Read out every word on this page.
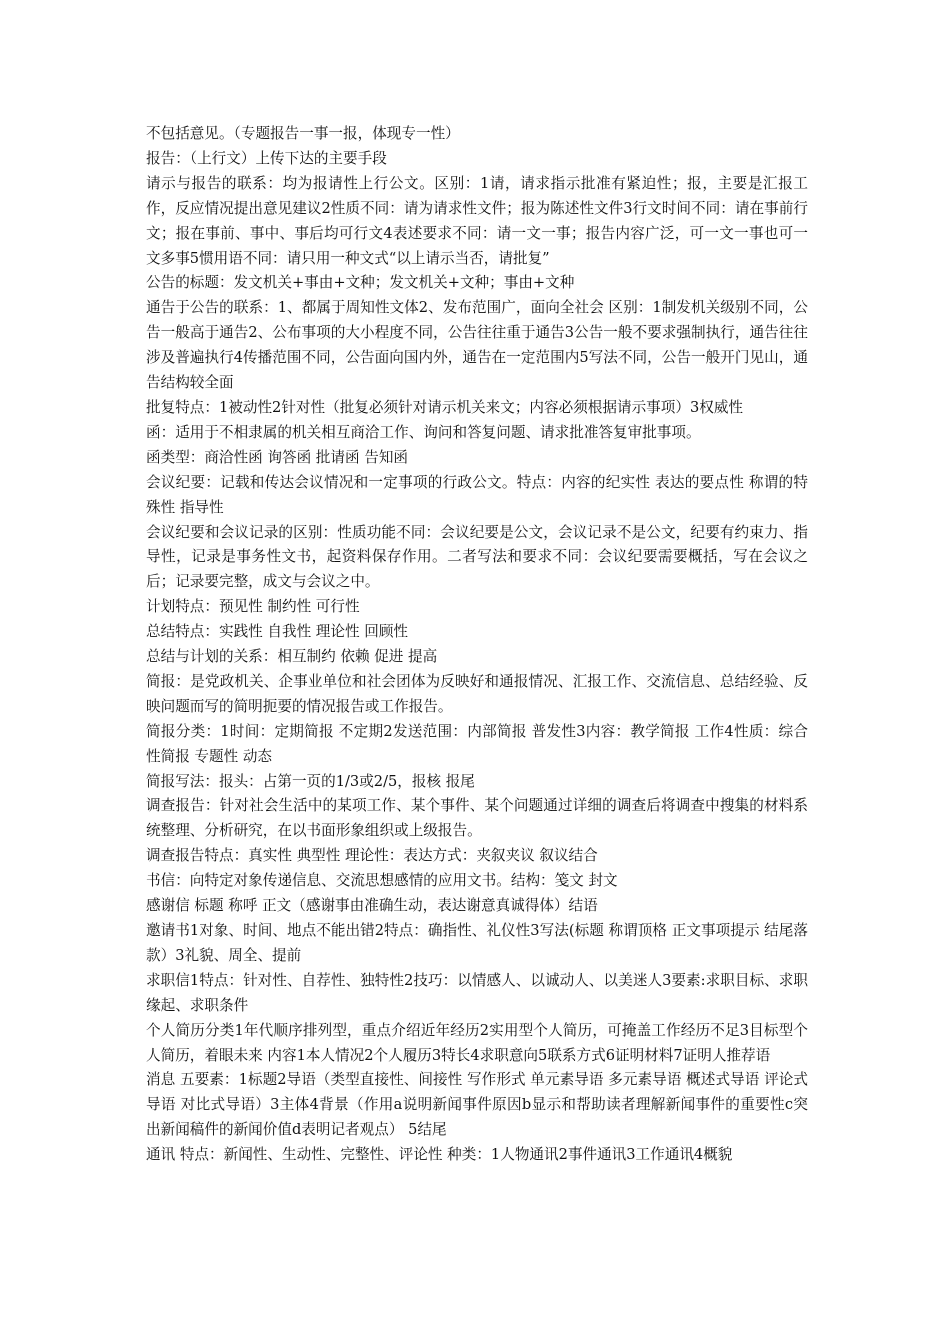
不包括意见。（专题报告一事一报，体现专一性）

报告：（上行文）上传下达的主要手段

请示与报告的联系：均为报请性上行公文。区别：1请，请求指示批准有紧迫性；报，主要是汇报工作，反应情况提出意见建议2性质不同：请为请求性文件；报为陈述性文件3行文时间不同：请在事前行文；报在事前、事中、事后均可行文4表述要求不同：请一文一事；报告内容广泛，可一文一事也可一文多事5惯用语不同：请只用一种文式“以上请示当否，请批复”

公告的标题：发文机关+事由+文种；发文机关+文种；事由+文种

通告于公告的联系：1、都属于周知性文体2、发布范围广，面向全社会 区别：1制发机关级别不同，公告一般高于通告2、公布事项的大小程度不同，公告往往重于通告3公告一般不要求强制执行，通告往往涉及普遍执行4传播范围不同，公告面向国内外，通告在一定范围内5写法不同，公告一般开门见山，通告结构较全面

批复特点：1被动性2针对性（批复必须针对请示机关来文；内容必须根据请示事项）3权威性

函：适用于不相隶属的机关相互商洽工作、询问和答复问题、请求批准答复审批事项。

函类型：商洽性函 询答函 批请函 告知函

会议纪要：记载和传达会议情况和一定事项的行政公文。特点：内容的纪实性 表达的要点性 称谓的特殊性 指导性

会议纪要和会议记录的区别：性质功能不同：会议纪要是公文，会议记录不是公文，纪要有约束力、指导性，记录是事务性文书，起资料保存作用。二者写法和要求不同：会议纪要需要概括，写在会议之后；记录要完整，成文与会议之中。

计划特点：预见性 制约性 可行性

总结特点：实践性 自我性 理论性 回顾性

总结与计划的关系：相互制约 依赖 促进 提高

简报：是党政机关、企事业单位和社会团体为反映好和通报情况、汇报工作、交流信息、总结经验、反映问题而写的简明扼要的情况报告或工作报告。

简报分类：1时间：定期简报 不定期2发送范围：内部简报 普发性3内容：教学简报 工作4性质：综合性简报 专题性 动态

简报写法：报头：占第一页的1/3或2/5，报核 报尾

调查报告：针对社会生活中的某项工作、某个事件、某个问题通过详细的调查后将调查中搜集的材料系统整理、分析研究，在以书面形象组织或上级报告。

调查报告特点：真实性 典型性 理论性：表达方式：夹叙夹议 叙议结合

书信：向特定对象传递信息、交流思想感情的应用文书。结构：笺文 封文

感谢信 标题 称呼 正文（感谢事由准确生动，表达谢意真诚得体）结语

邀请书1对象、时间、地点不能出错2特点：确指性、礼仪性3写法(标题 称谓顶格 正文事项提示 结尾落款）3礼貌、周全、提前

求职信1特点：针对性、自荐性、独特性2技巧：以情感人、以诚动人、以美迷人3要素:求职目标、求职缘起、求职条件

个人简历分类1年代顺序排列型，重点介绍近年经历2实用型个人简历，可掩盖工作经历不足3目标型个人简历，着眼未来 内容1本人情况2个人履历3特长4求职意向5联系方式6证明材料7证明人推荐语

消息 五要素：1标题2导语（类型直接性、间接性 写作形式 单元素导语 多元素导语 概述式导语 评论式导语 对比式导语）3主体4背景（作用a说明新闻事件原因b显示和帮助读者理解新闻事件的重要性c突出新闻稿件的新闻价值d表明记者观点） 5结尾

通讯 特点：新闻性、生动性、完整性、评论性 种类：1人物通讯2事件通讯3工作通讯4概貌
